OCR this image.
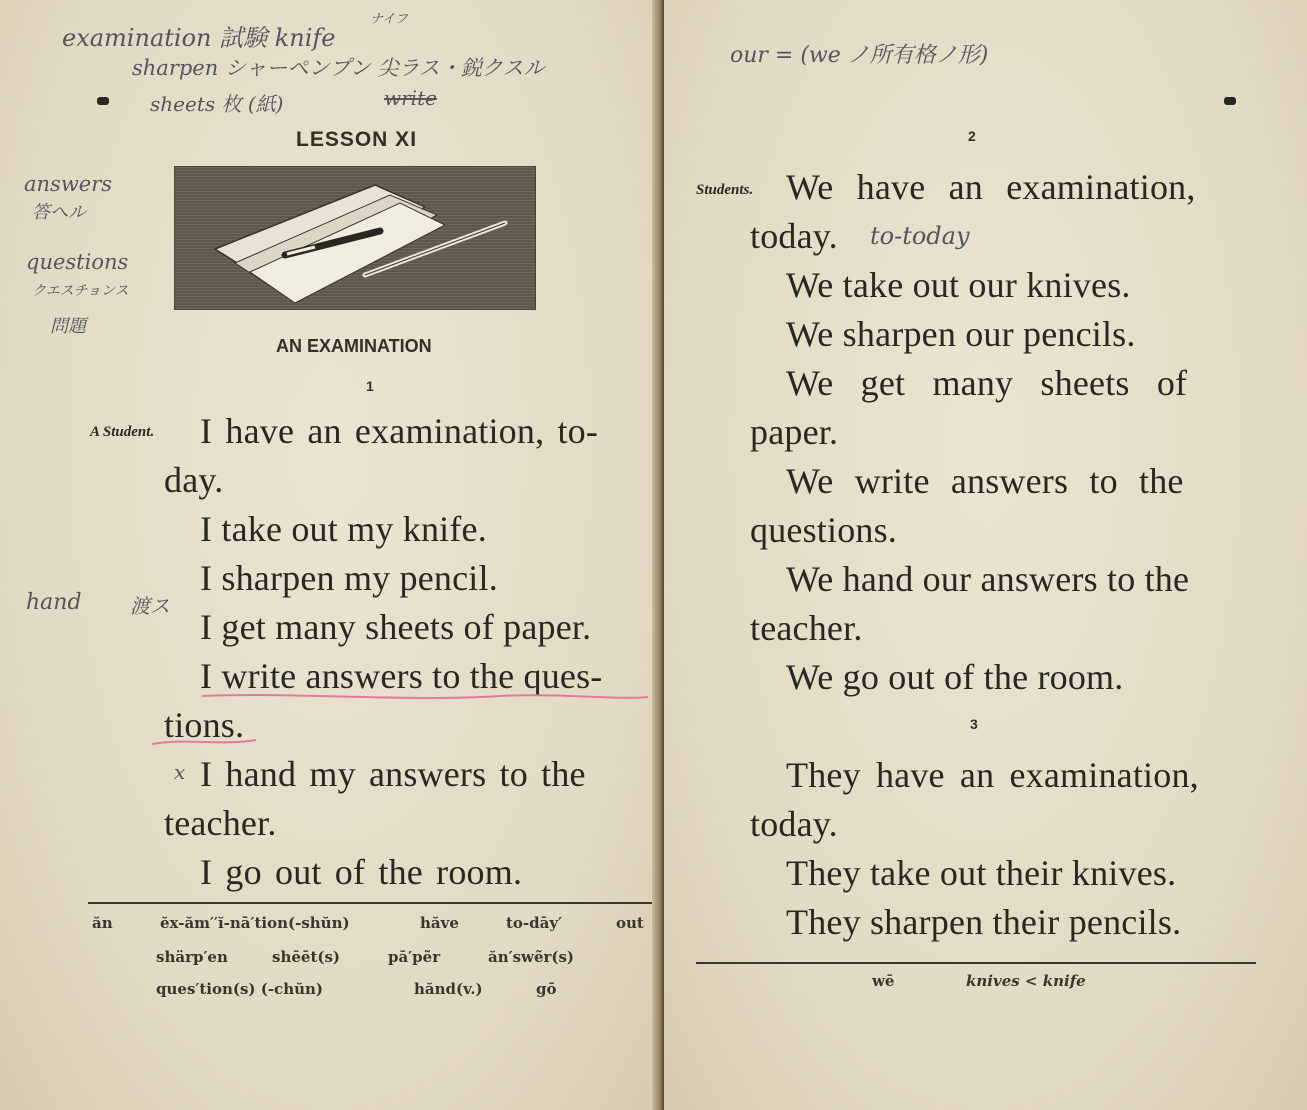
examination 試験 knife
ナイフ
sharpen シャーペンプン 尖ラス・鋭クスル
sheets 枚 (紙)	write
LESSON XI
answers
答へル
questions
クエスチョンス
問題
AN EXAMINATION
1
A Student. I have an examination, to-
day.
I take out my knife.
I sharpen my pencil.
hand 渡ス
I get many sheets of paper.
I write answers to the ques-
tions.
x I hand my answers to the
teacher.
I go out of the room.
ăn	ĕx-ăm′′ĭ-nā′tion(-shŭn)	hăve	to-dāy′	out
shärp′en	shēēt(s)	pā′pẽr	ăn′swẽr(s)
ques′tion(s) (-chŭn)	hănd(v.)	gō
our = (we ノ所有格ノ形)
2
Students. We have an examination,
today. to-today
We take out our knives.
We sharpen our pencils.
We get many sheets of
paper.
We write answers to the
questions.
We hand our answers to the
teacher.
We go out of the room.
3
They have an examination,
today.
They take out their knives.
They sharpen their pencils.
wē	knives < knife
